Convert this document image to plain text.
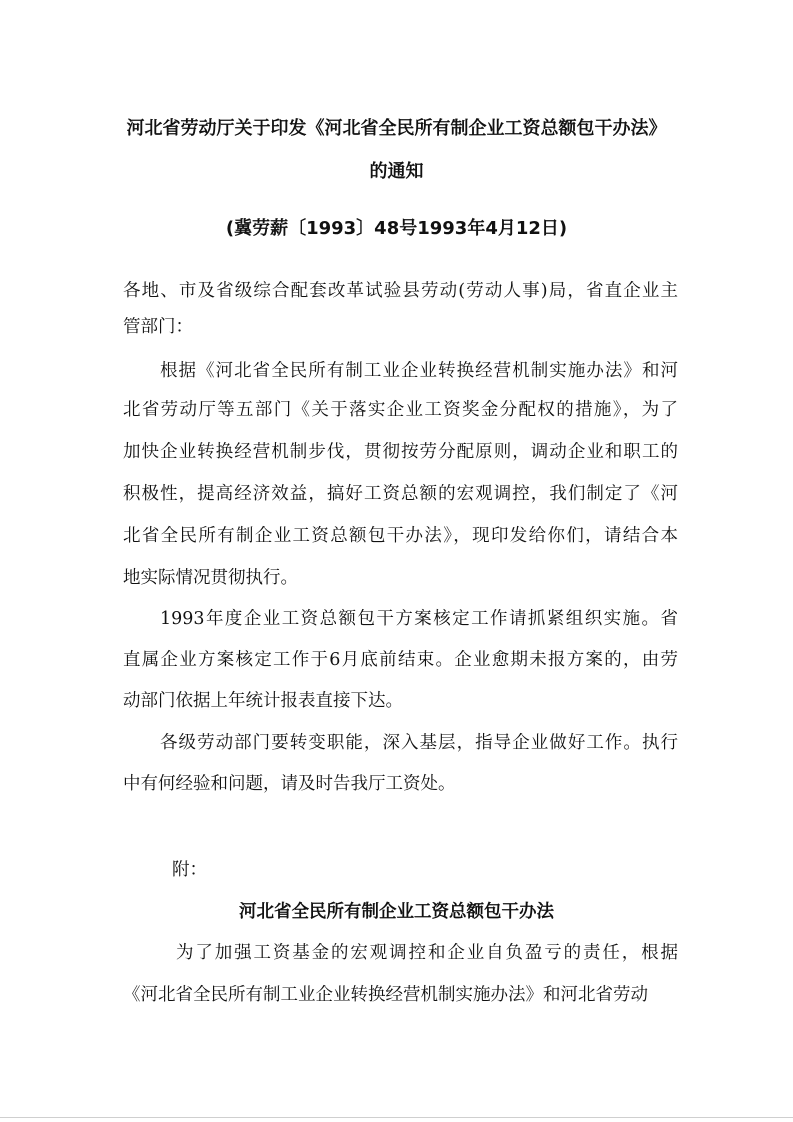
河北省劳动厅关于印发《河北省全民所有制企业工资总额包干办法》

的通知

(冀劳薪〔1993〕48号1993年4月12日)

各地、市及省级综合配套改革试验县劳动(劳动人事)局，省直企业主

管部门：

根据《河北省全民所有制工业企业转换经营机制实施办法》和河

北省劳动厅等五部门《关于落实企业工资奖金分配权的措施》，为了

加快企业转换经营机制步伐，贯彻按劳分配原则，调动企业和职工的

积极性，提高经济效益，搞好工资总额的宏观调控，我们制定了《河

北省全民所有制企业工资总额包干办法》，现印发给你们，请结合本

地实际情况贯彻执行。

1993年度企业工资总额包干方案核定工作请抓紧组织实施。省

直属企业方案核定工作于6月底前结束。企业愈期未报方案的，由劳

动部门依据上年统计报表直接下达。

各级劳动部门要转变职能，深入基层，指导企业做好工作。执行

中有何经验和问题，请及时告我厅工资处。

附：

河北省全民所有制企业工资总额包干办法

为了加强工资基金的宏观调控和企业自负盈亏的责任，根据

《河北省全民所有制工业企业转换经营机制实施办法》和河北省劳动
